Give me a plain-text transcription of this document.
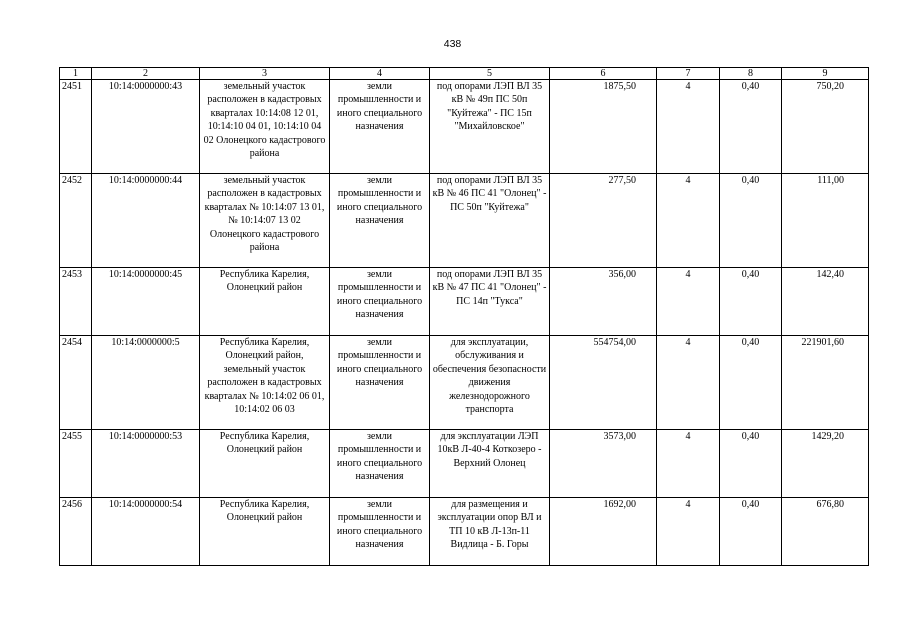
438
1	2	3	4	5	6	7	8	9
2451	10:14:0000000:43	земельный участок расположен в кадастровых кварталах 10:14:08 12 01, 10:14:10 04 01, 10:14:10 04 02 Олонецкого кадастрового района	земли промышленности и иного специального назначения	под опорами ЛЭП ВЛ 35 кВ № 49п ПС 50п "Куйтежа" - ПС 15п "Михайловское"	1875,50	4	0,40	750,20
2452	10:14:0000000:44	земельный участок расположен в кадастровых кварталах № 10:14:07 13 01, № 10:14:07 13 02 Олонецкого кадастрового района	земли промышленности и иного специального назначения	под опорами ЛЭП ВЛ 35 кВ № 46 ПС 41 "Олонец" - ПС 50п "Куйтежа"	277,50	4	0,40	111,00
2453	10:14:0000000:45	Республика Карелия, Олонецкий район	земли промышленности и иного специального назначения	под опорами ЛЭП ВЛ 35 кВ № 47 ПС 41 "Олонец" - ПС 14п "Тукса"	356,00	4	0,40	142,40
2454	10:14:0000000:5	Республика Карелия, Олонецкий район, земельный участок расположен в кадастровых кварталах № 10:14:02 06 01, 10:14:02 06 03	земли промышленности и иного специального назначения	для эксплуатации, обслуживания и обеспечения безопасности движения железнодорожного транспорта	554754,00	4	0,40	221901,60
2455	10:14:0000000:53	Республика Карелия, Олонецкий район	земли промышленности и иного специального назначения	для эксплуатации ЛЭП 10кВ Л-40-4 Коткозеро - Верхний Олонец	3573,00	4	0,40	1429,20
2456	10:14:0000000:54	Республика Карелия, Олонецкий район	земли промышленности и иного специального назначения	для размещения и эксплуатации опор ВЛ и ТП 10 кВ Л-13п-11 Видлица - Б. Горы	1692,00	4	0,40	676,80
